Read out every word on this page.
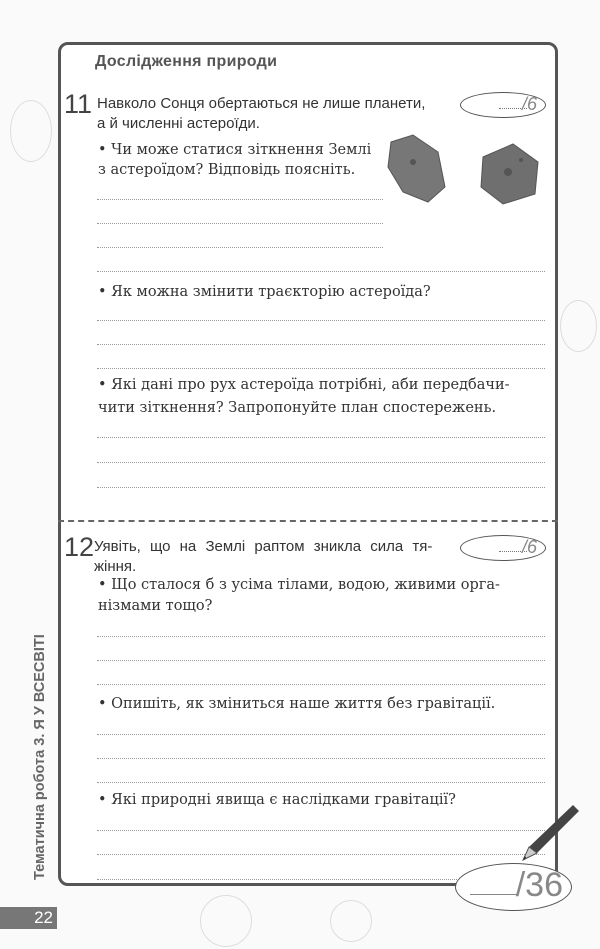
Дослідження природи
11 Навколо Сонця обертаються не лише планети,
а й численні астероїди.
/6
• Чи може статися зіткнення Землі
з астероїдом? Відповідь поясніть.
• Як можна змінити траєкторію астероїда?
• Які дані про рух астероїда потрібні, аби передбачи-
чити зіткнення? Запропонуйте план спостережень.
12 Уявіть, що на Землі раптом зникла сила тя-
жіння.
/6
• Що сталося б з усіма тілами, водою, живими орга-
нізмами тощо?
• Опишіть, як зміниться наше життя без гравітації.
• Які природні явища є наслідками гравітації?
/36
Тематична робота 3. Я У ВСЕСВІТІ
22
